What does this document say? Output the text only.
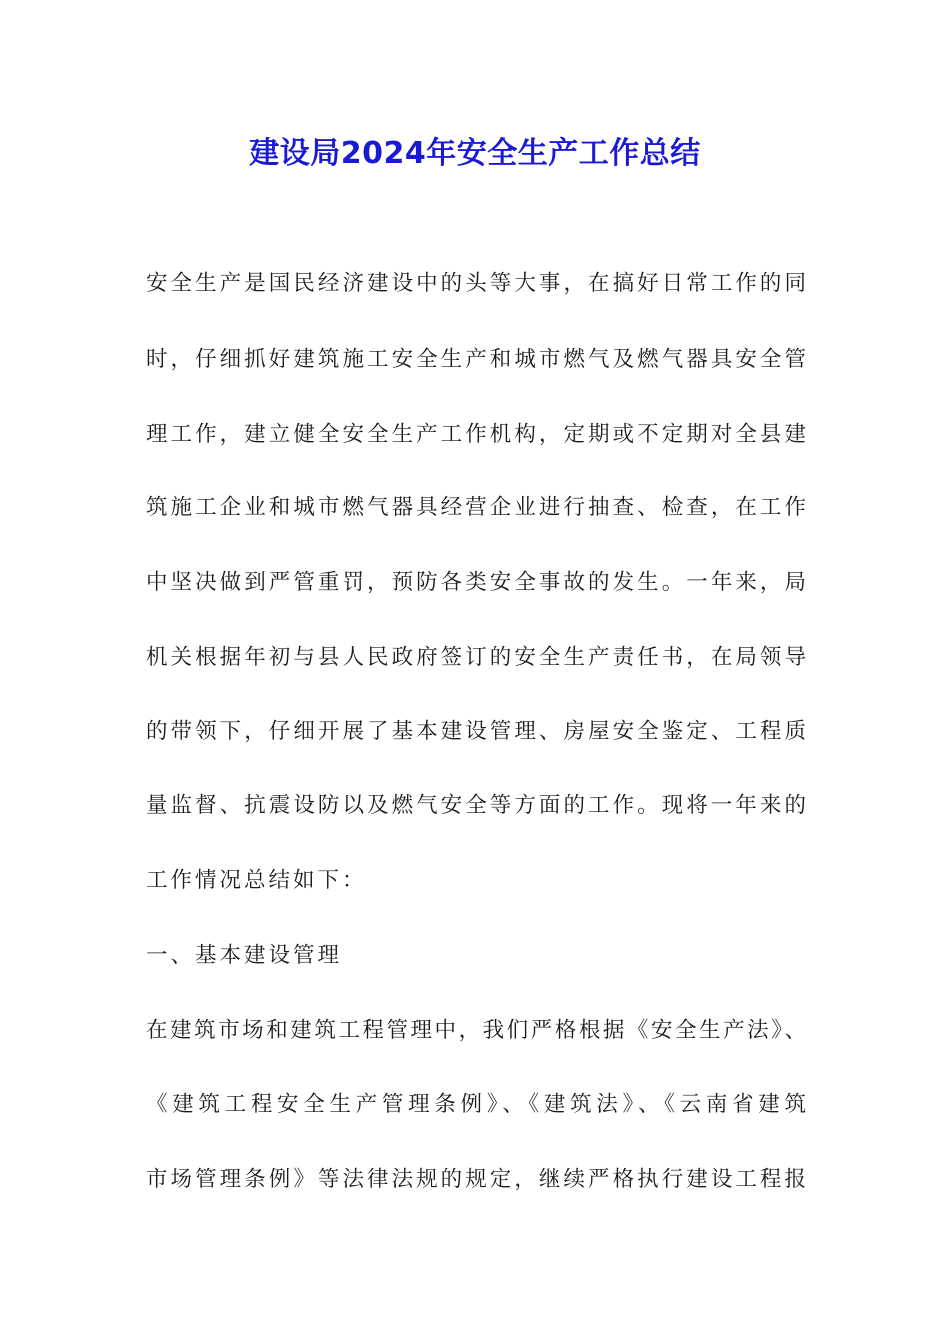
建设局2024年安全生产工作总结
安全生产是国民经济建设中的头等大事，在搞好日常工作的同
时，仔细抓好建筑施工安全生产和城市燃气及燃气器具安全管
理工作，建立健全安全生产工作机构，定期或不定期对全县建
筑施工企业和城市燃气器具经营企业进行抽查、检查，在工作
中坚决做到严管重罚，预防各类安全事故的发生。一年来，局
机关根据年初与县人民政府签订的安全生产责任书，在局领导
的带领下，仔细开展了基本建设管理、房屋安全鉴定、工程质
量监督、抗震设防以及燃气安全等方面的工作。现将一年来的
工作情况总结如下：
一、基本建设管理
在建筑市场和建筑工程管理中，我们严格根据《安全生产法》、
《建筑工程安全生产管理条例》、《建筑法》、《云南省建筑
市场管理条例》等法律法规的规定，继续严格执行建设工程报
